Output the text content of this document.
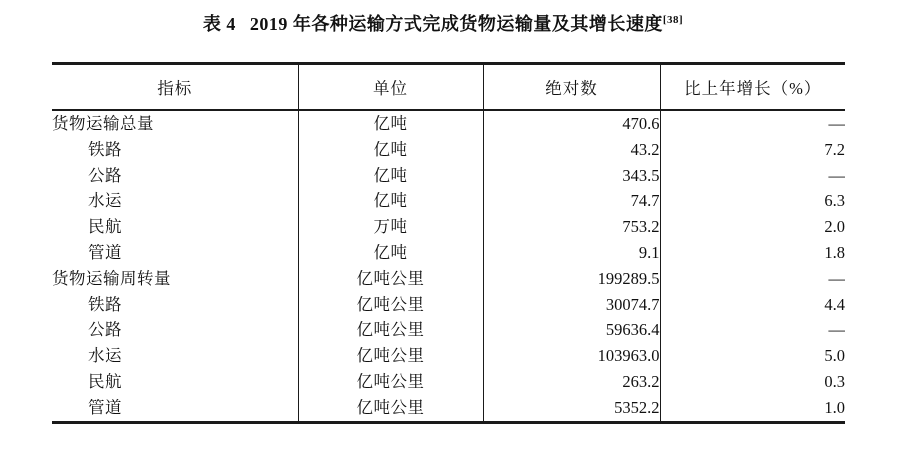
表 4 2019 年各种运输方式完成货物运输量及其增长速度[38]
指标	单位	绝对数	比上年增长（%）
货物运输总量	亿吨	470.6	—
铁路	亿吨	43.2	7.2
公路	亿吨	343.5	—
水运	亿吨	74.7	6.3
民航	万吨	753.2	2.0
管道	亿吨	9.1	1.8
货物运输周转量	亿吨公里	199289.5	—
铁路	亿吨公里	30074.7	4.4
公路	亿吨公里	59636.4	—
水运	亿吨公里	103963.0	5.0
民航	亿吨公里	263.2	0.3
管道	亿吨公里	5352.2	1.0
